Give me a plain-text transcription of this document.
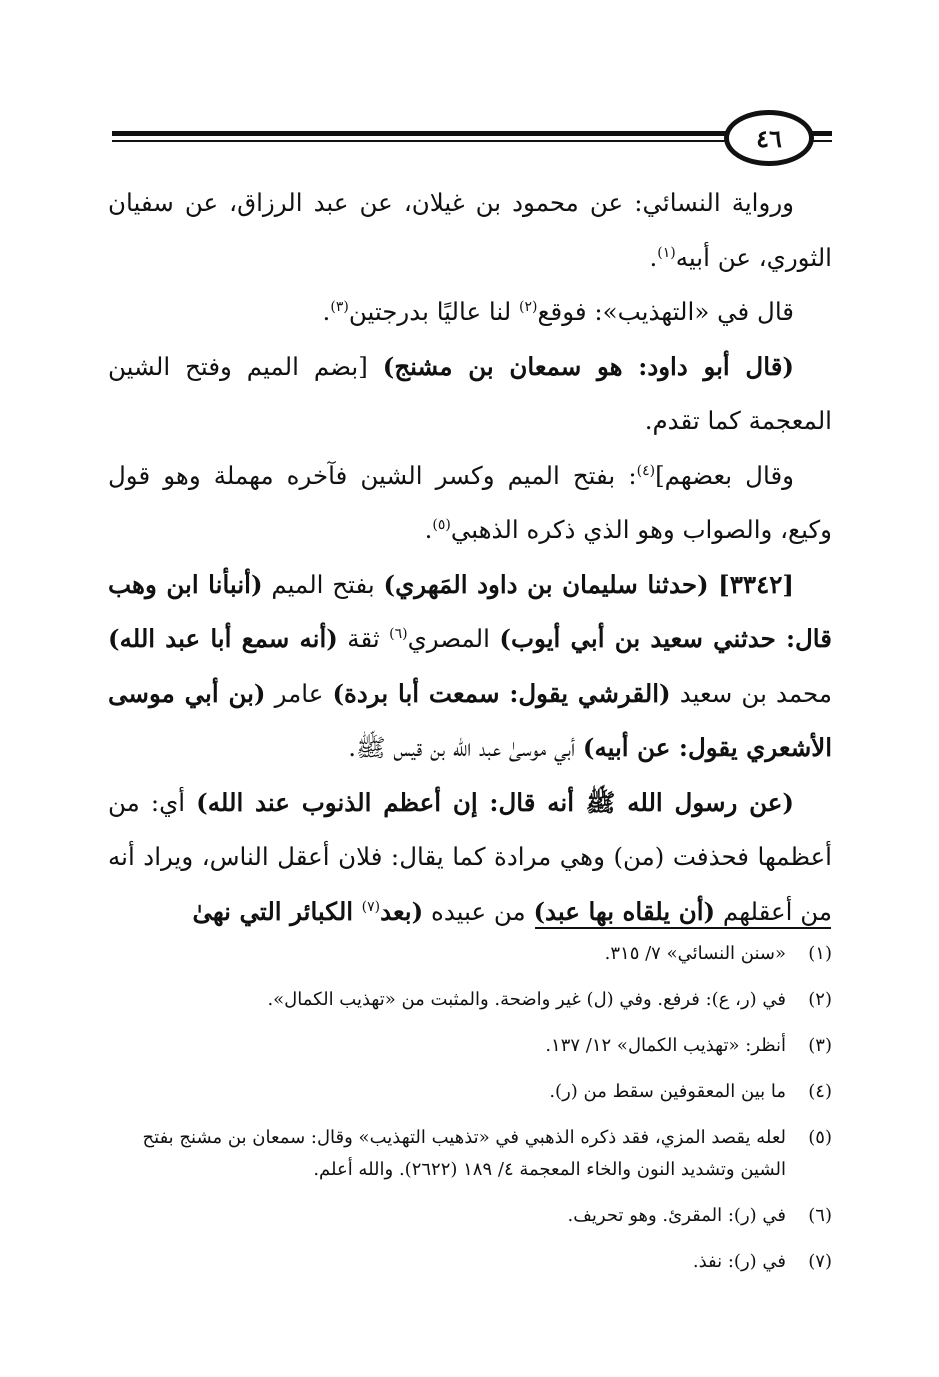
٤٦

ورواية النسائي: عن محمود بن غيلان، عن عبد الرزاق، عن سفيان الثوري، عن أبيه$^{(١)}$.

قال في «التهذيب»: فوقع$^{(٢)}$ لنا عاليًا بدرجتين$^{(٣)}$.

(قال أبو داود: هو سمعان بن مشنج) [بضم الميم وفتح الشين المعجمة كما تقدم.

وقال بعضهم]$^{(٤)}$: بفتح الميم وكسر الشين فآخره مهملة وهو قول وكيع، والصواب وهو الذي ذكره الذهبي$^{(٥)}$.

[٣٣٤٢] (حدثنا سليمان بن داود المَهري) بفتح الميم (أنبأنا ابن وهب قال: حدثني سعيد بن أبي أيوب) المصري$^{(٦)}$ ثقة (أنه سمع أبا عبد الله) محمد بن سعيد (القرشي يقول: سمعت أبا بردة) عامر (بن أبي موسى الأشعري يقول: عن أبيه) أبي موسىٰ عبد الله بن قيس ﷺ.

(عن رسول الله ﷺ أنه قال: إن أعظم الذنوب عند الله) أي: من أعظمها فحذفت (من) وهي مرادة كما يقال: فلان أعقل الناس، ويراد أنه من أعقلهم (أن يلقاه بها عبد) من عبيده (بعد$^{(٧)}$ الكبائر التي نهىٰ

(١)
«سنن النسائي» ٧/ ٣١٥.
(٢)
في (ر، ع): فرفع. وفي (ل) غير واضحة. والمثبت من «تهذيب الكمال».
(٣)
أنظر: «تهذيب الكمال» ١٢/ ١٣٧.
(٤)
ما بين المعقوفين سقط من (ر).
(٥)
لعله يقصد المزي، فقد ذكره الذهبي في «تذهيب التهذيب» وقال: سمعان بن مشنج بفتح الشين وتشديد النون والخاء المعجمة ٤/ ١٨٩ (٢٦٢٢). والله أعلم.
(٦)
في (ر): المقرئ. وهو تحريف.
(٧)
في (ر): نفذ.
